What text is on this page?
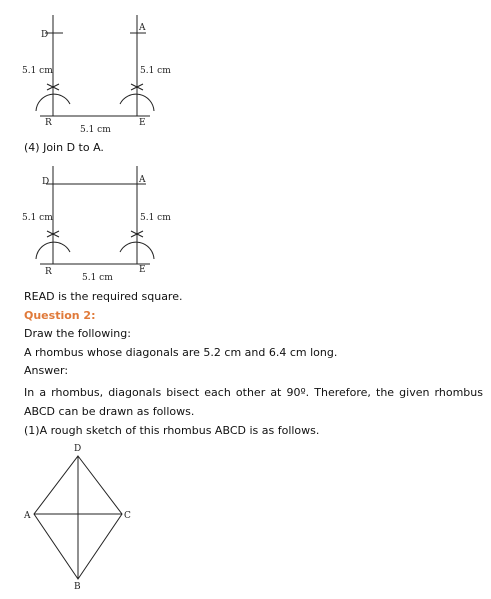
D
A
R	E
5.1 cm	5.1 cm
5.1 cm
(4) Join D to A.
D	A
R	E
5.1 cm	5.1 cm
5.1 cm
READ is the required square.
Question 2:
Draw the following:
A rhombus whose diagonals are 5.2 cm and 6.4 cm long.
Answer:
In a rhombus, diagonals bisect each other at 90º. Therefore, the given rhombus
ABCD can be drawn as follows.
(1)A rough sketch of this rhombus ABCD is as follows.
D
A	C
B
